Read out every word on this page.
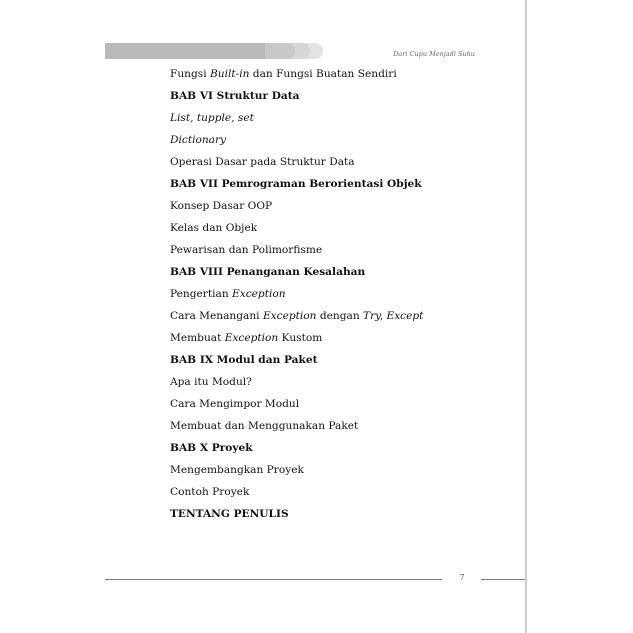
Dari Cupu Menjadi Suhu
Fungsi Built-in dan Fungsi Buatan Sendiri
BAB VI Struktur Data
List, tupple, set
Dictionary
Operasi Dasar pada Struktur Data
BAB VII Pemrograman Berorientasi Objek
Konsep Dasar OOP
Kelas dan Objek
Pewarisan dan Polimorfisme
BAB VIII Penanganan Kesalahan
Pengertian Exception
Cara Menangani Exception dengan Try, Except
Membuat Exception Kustom
BAB IX Modul dan Paket
Apa itu Modul?
Cara Mengimpor Modul
Membuat dan Menggunakan Paket
BAB X Proyek
Mengembangkan Proyek
Contoh Proyek
TENTANG PENULIS
7
